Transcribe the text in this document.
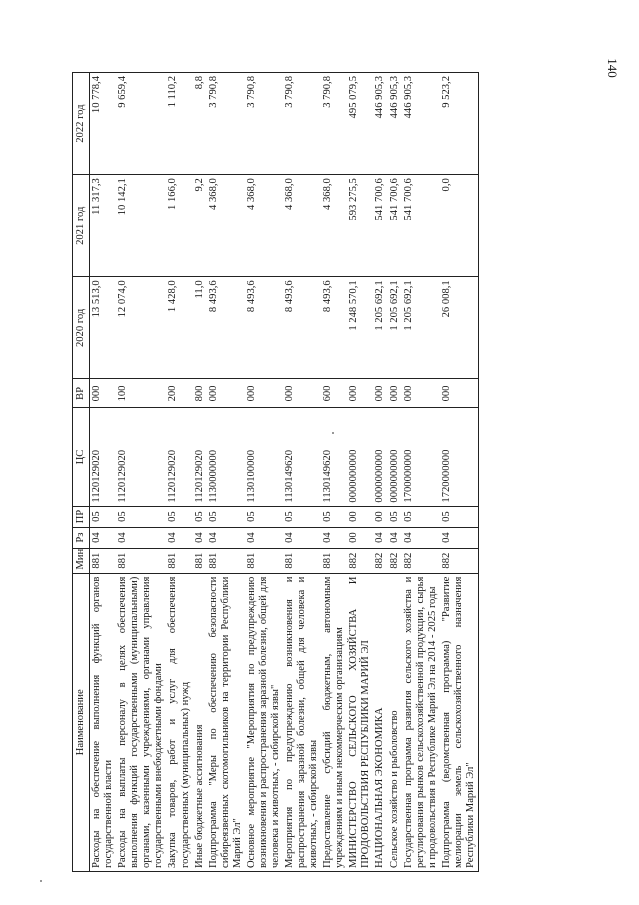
140
Наименование	Мин	Рз	ПР	ЦС	ВР	2020 год	2021 год	2022 год
Расходы на обеспечение выполнения функций органов государственной власти	881	04	05	1120129020	000	13 513,0	11 317,3	10 778,4
Расходы на выплаты персоналу в целях обеспечения выполнения функций государственными (муниципальными) органами, казенными учреждениями, органами управления государственными внебюджетными фондами	881	04	05	1120129020	100	12 074,0	10 142,1	9 659,4
Закупка товаров, работ и услуг для обеспечения государственных (муниципальных) нужд	881	04	05	1120129020	200	1 428,0	1 166,0	1 110,2
Иные бюджетные ассигнования	881	04	05	1120129020	800	11,0	9,2	8,8
Подпрограмма "Меры по обеспечению безопасности сибиреязвенных скотомогильников на территории Республики Марий Эл"	881	04	05	1130000000	000	8 493,6	4 368,0	3 790,8
Основное мероприятие "Мероприятия по предупреждению возникновения и распространения заразной болезни, общей для человека и животных, - сибирской язвы"	881	04	05	1130100000	000	8 493,6	4 368,0	3 790,8
Мероприятия по предупреждению возникновения и распространения заразной болезни, общей для человека и животных, - сибирской язвы	881	04	05	1130149620	000	8 493,6	4 368,0	3 790,8
Предоставление субсидий бюджетным, автономным учреждениям и иным некоммерческим организациям	881	04	05	1130149620	600	8 493,6	4 368,0	3 790,8
МИНИСТЕРСТВО СЕЛЬСКОГО ХОЗЯЙСТВА И ПРОДОВОЛЬСТВИЯ РЕСПУБЛИКИ МАРИЙ ЭЛ	882	00	00	0000000000	000	1 248 570,1	593 275,5	495 079,5
НАЦИОНАЛЬНАЯ ЭКОНОМИКА	882	04	00	0000000000	000	1 205 692,1	541 700,6	446 905,3
Сельское хозяйство и рыболовство	882	04	05	0000000000	000	1 205 692,1	541 700,6	446 905,3
Государственная программа развития сельского хозяйства и регулирования рынков сельскохозяйственной продукции, сырья и продовольствия в Республике Марий Эл на 2014 - 2025 годы	882	04	05	1700000000	000	1 205 692,1	541 700,6	446 905,3
Подпрограмма (ведомственная программа) "Развитие мелиорации земель сельскохозяйственного назначения Республики Марий Эл"	882	04	05	1720000000	000	26 008,1	0,0	9 523,2
